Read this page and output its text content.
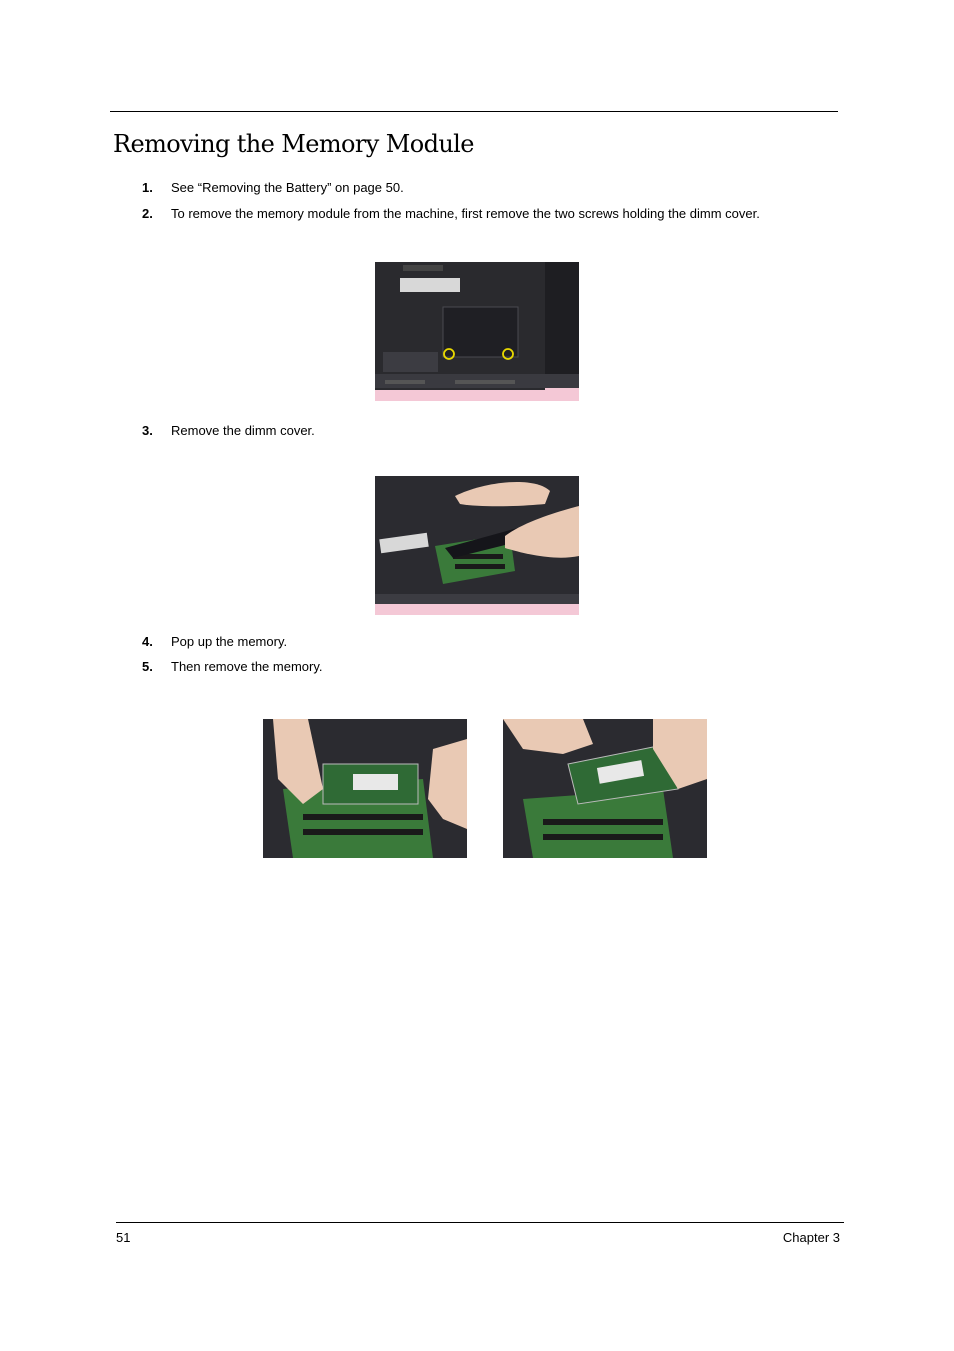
Removing the Memory Module
1. See “Removing the Battery” on page 50.
2. To remove the memory module from the machine, first remove the two screws holding the dimm cover.
3. Remove the dimm cover.
4. Pop up the memory.
5. Then remove the memory.
51	Chapter 3
